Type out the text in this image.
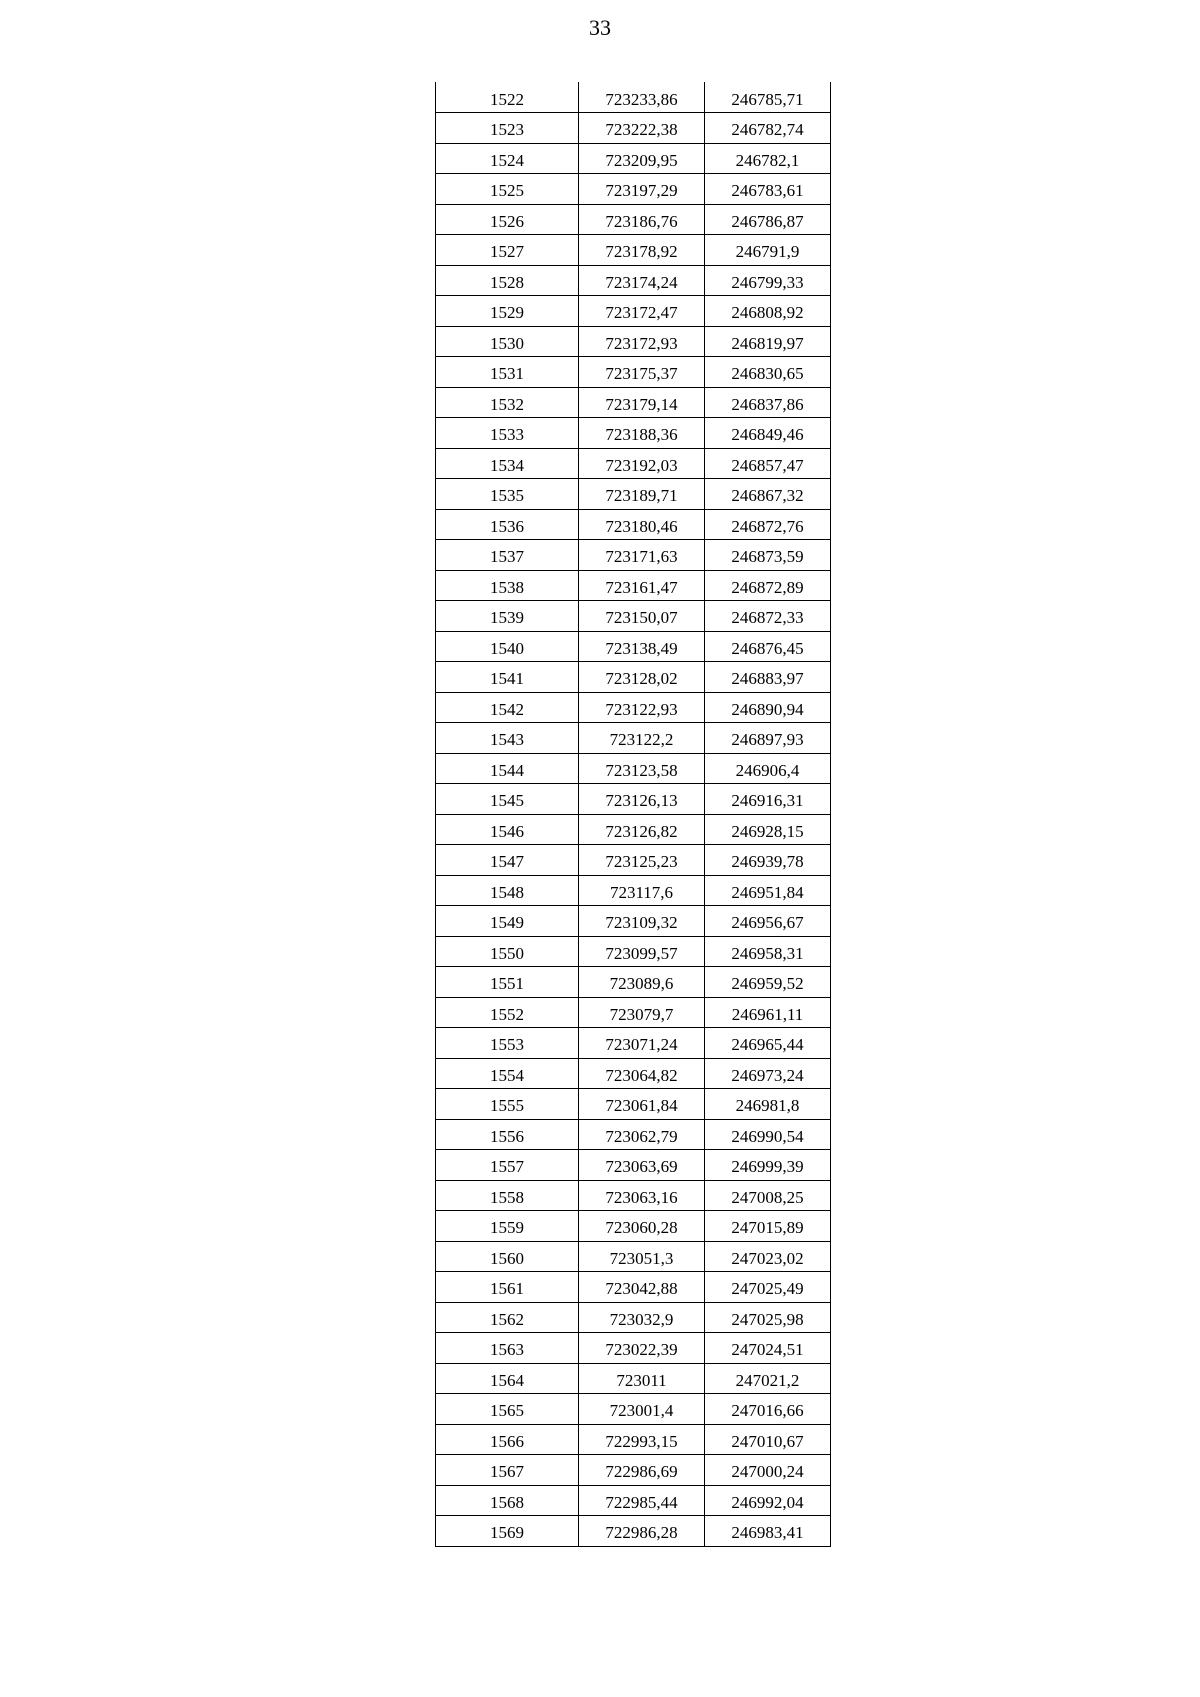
33
1522	723233,86	246785,71
1523	723222,38	246782,74
1524	723209,95	246782,1
1525	723197,29	246783,61
1526	723186,76	246786,87
1527	723178,92	246791,9
1528	723174,24	246799,33
1529	723172,47	246808,92
1530	723172,93	246819,97
1531	723175,37	246830,65
1532	723179,14	246837,86
1533	723188,36	246849,46
1534	723192,03	246857,47
1535	723189,71	246867,32
1536	723180,46	246872,76
1537	723171,63	246873,59
1538	723161,47	246872,89
1539	723150,07	246872,33
1540	723138,49	246876,45
1541	723128,02	246883,97
1542	723122,93	246890,94
1543	723122,2	246897,93
1544	723123,58	246906,4
1545	723126,13	246916,31
1546	723126,82	246928,15
1547	723125,23	246939,78
1548	723117,6	246951,84
1549	723109,32	246956,67
1550	723099,57	246958,31
1551	723089,6	246959,52
1552	723079,7	246961,11
1553	723071,24	246965,44
1554	723064,82	246973,24
1555	723061,84	246981,8
1556	723062,79	246990,54
1557	723063,69	246999,39
1558	723063,16	247008,25
1559	723060,28	247015,89
1560	723051,3	247023,02
1561	723042,88	247025,49
1562	723032,9	247025,98
1563	723022,39	247024,51
1564	723011	247021,2
1565	723001,4	247016,66
1566	722993,15	247010,67
1567	722986,69	247000,24
1568	722985,44	246992,04
1569	722986,28	246983,41
